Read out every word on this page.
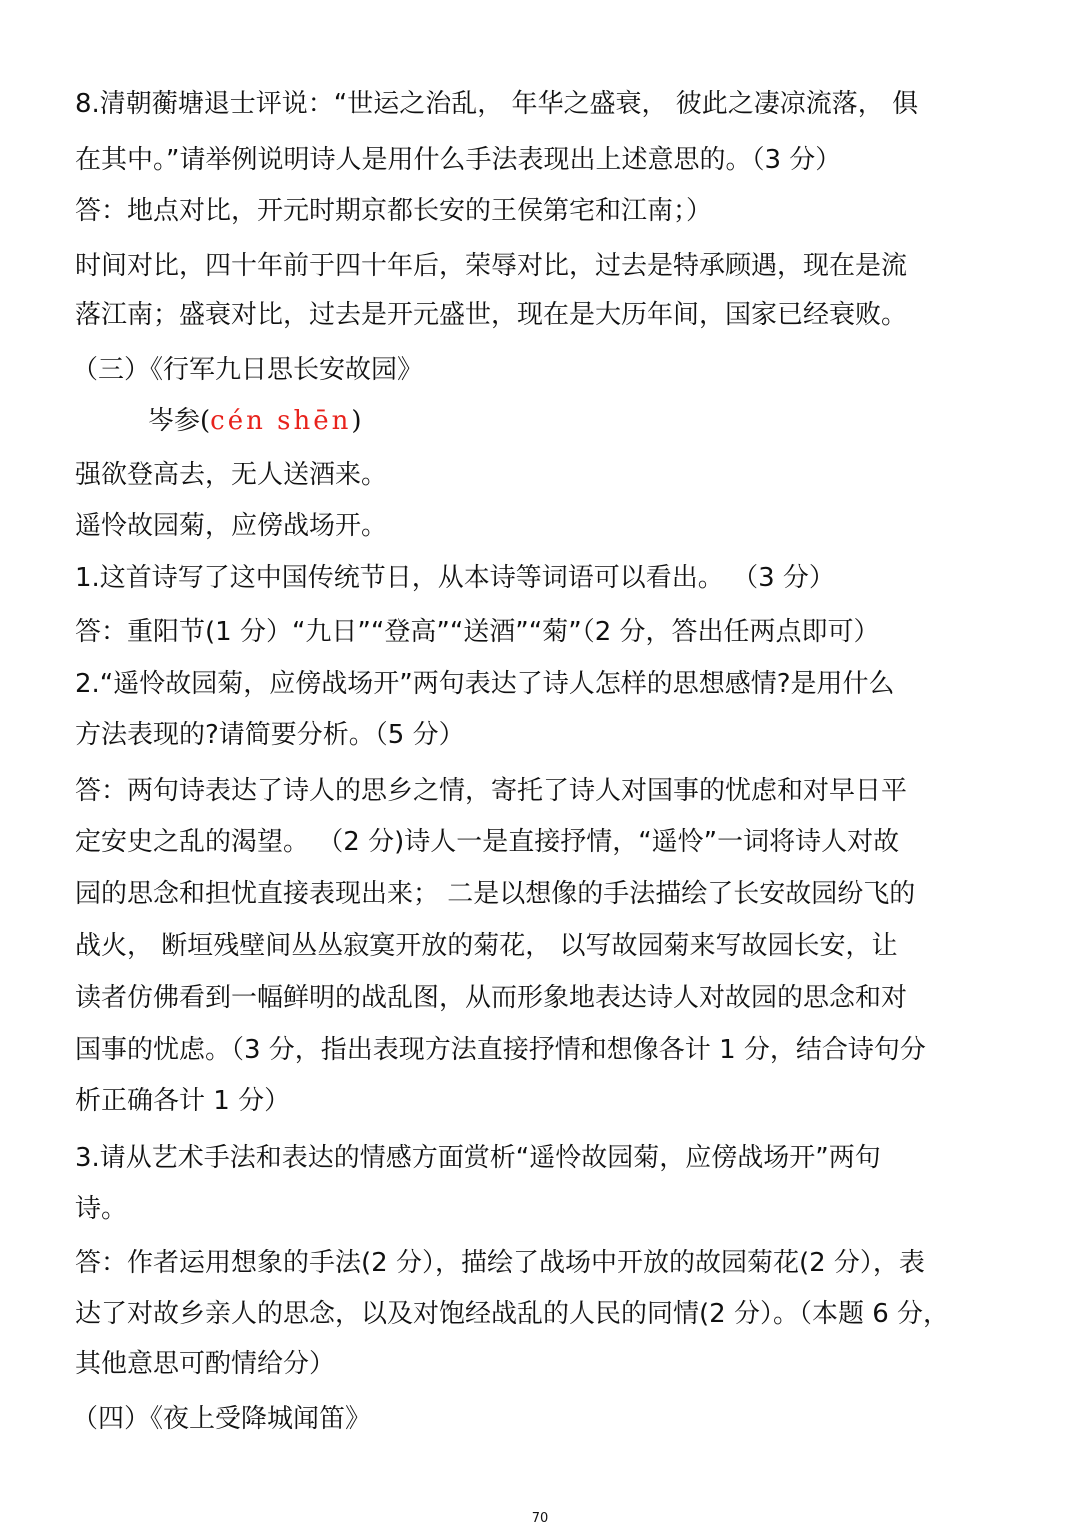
8.清朝蘅塘退士评说：“世运之治乱， 年华之盛衰， 彼此之凄凉流落， 俱
在其中。”请举例说明诗人是用什么手法表现出上述意思的。（3 分）
答：地点对比，开元时期京都长安的王侯第宅和江南；）
时间对比，四十年前于四十年后，荣辱对比，过去是特承顾遇，现在是流
落江南；盛衰对比，过去是开元盛世，现在是大历年间，国家已经衰败。
（三）《行军九日思长安故园》
岑参(cén shēn)
强欲登高去，无人送酒来。
遥怜故园菊，应傍战场开。
1.这首诗写了这中国传统节日，从本诗等词语可以看出。 （3 分）
答：重阳节(1 分）“九日”“登高”“送酒”“菊”（2 分，答出任两点即可）
2.“遥怜故园菊，应傍战场开”两句表达了诗人怎样的思想感情?是用什么
方法表现的?请简要分析。（5 分）
答：两句诗表达了诗人的思乡之情，寄托了诗人对国事的忧虑和对早日平
定安史之乱的渴望。 （2 分)诗人一是直接抒情，“遥怜”一词将诗人对故
园的思念和担忧直接表现出来； 二是以想像的手法描绘了长安故园纷飞的
战火， 断垣残壁间丛丛寂寞开放的菊花， 以写故园菊来写故园长安，让
读者仿佛看到一幅鲜明的战乱图，从而形象地表达诗人对故园的思念和对
国事的忧虑。（3 分，指出表现方法直接抒情和想像各计 1 分，结合诗句分
析正确各计 1 分）
3.请从艺术手法和表达的情感方面赏析“遥怜故园菊，应傍战场开”两句
诗。
答：作者运用想象的手法(2 分），描绘了战场中开放的故园菊花(2 分），表
达了对故乡亲人的思念，以及对饱经战乱的人民的同情(2 分）。（本题 6 分，
其他意思可酌情给分）
（四）《夜上受降城闻笛》
70
